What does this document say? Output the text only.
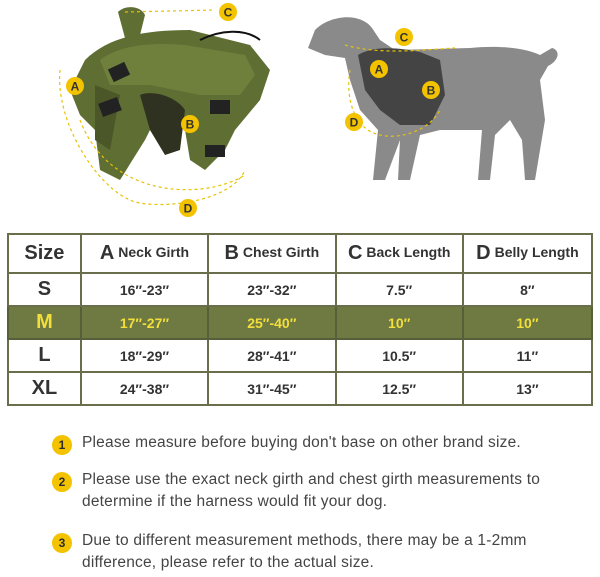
A
B
C
D
A
B
C
D
Size	A Neck Girth	B Chest Girth	C Back Length	D Belly Length
S	16″-23″	23″-32″	7.5″	8″
M	17″-27″	25″-40″	10″	10″
L	18″-29″	28″-41″	10.5″	11″
XL	24″-38″	31″-45″	12.5″	13″
1	Please measure before buying don't base on other brand size.
2	Please use the exact neck girth and chest girth measurements to determine if the harness would fit your dog.
3	Due to different measurement methods, there may be a 1-2mm difference, please refer to the actual size.
